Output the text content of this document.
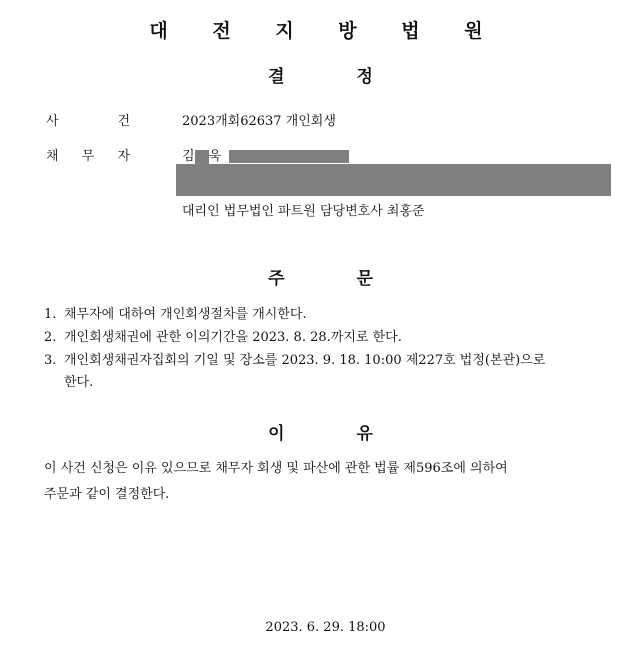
대 전 지 방 법 원
결	정
사	건	2023개회62637 개인회생
채 무 자	김 욱
대리인 법무법인 파트원 담당변호사 최홍준
주	문
1. 채무자에 대하여 개인회생절차를 개시한다.
2. 개인회생채권에 관한 이의기간을 2023. 8. 28.까지로 한다.
3. 개인회생채권자집회의 기일 및 장소를 2023. 9. 18. 10:00 제227호 법정(본관)으로
한다.
이	유
이 사건 신청은 이유 있으므로 채무자 회생 및 파산에 관한 법률 제596조에 의하여
주문과 같이 결정한다.
2023. 6. 29. 18:00
